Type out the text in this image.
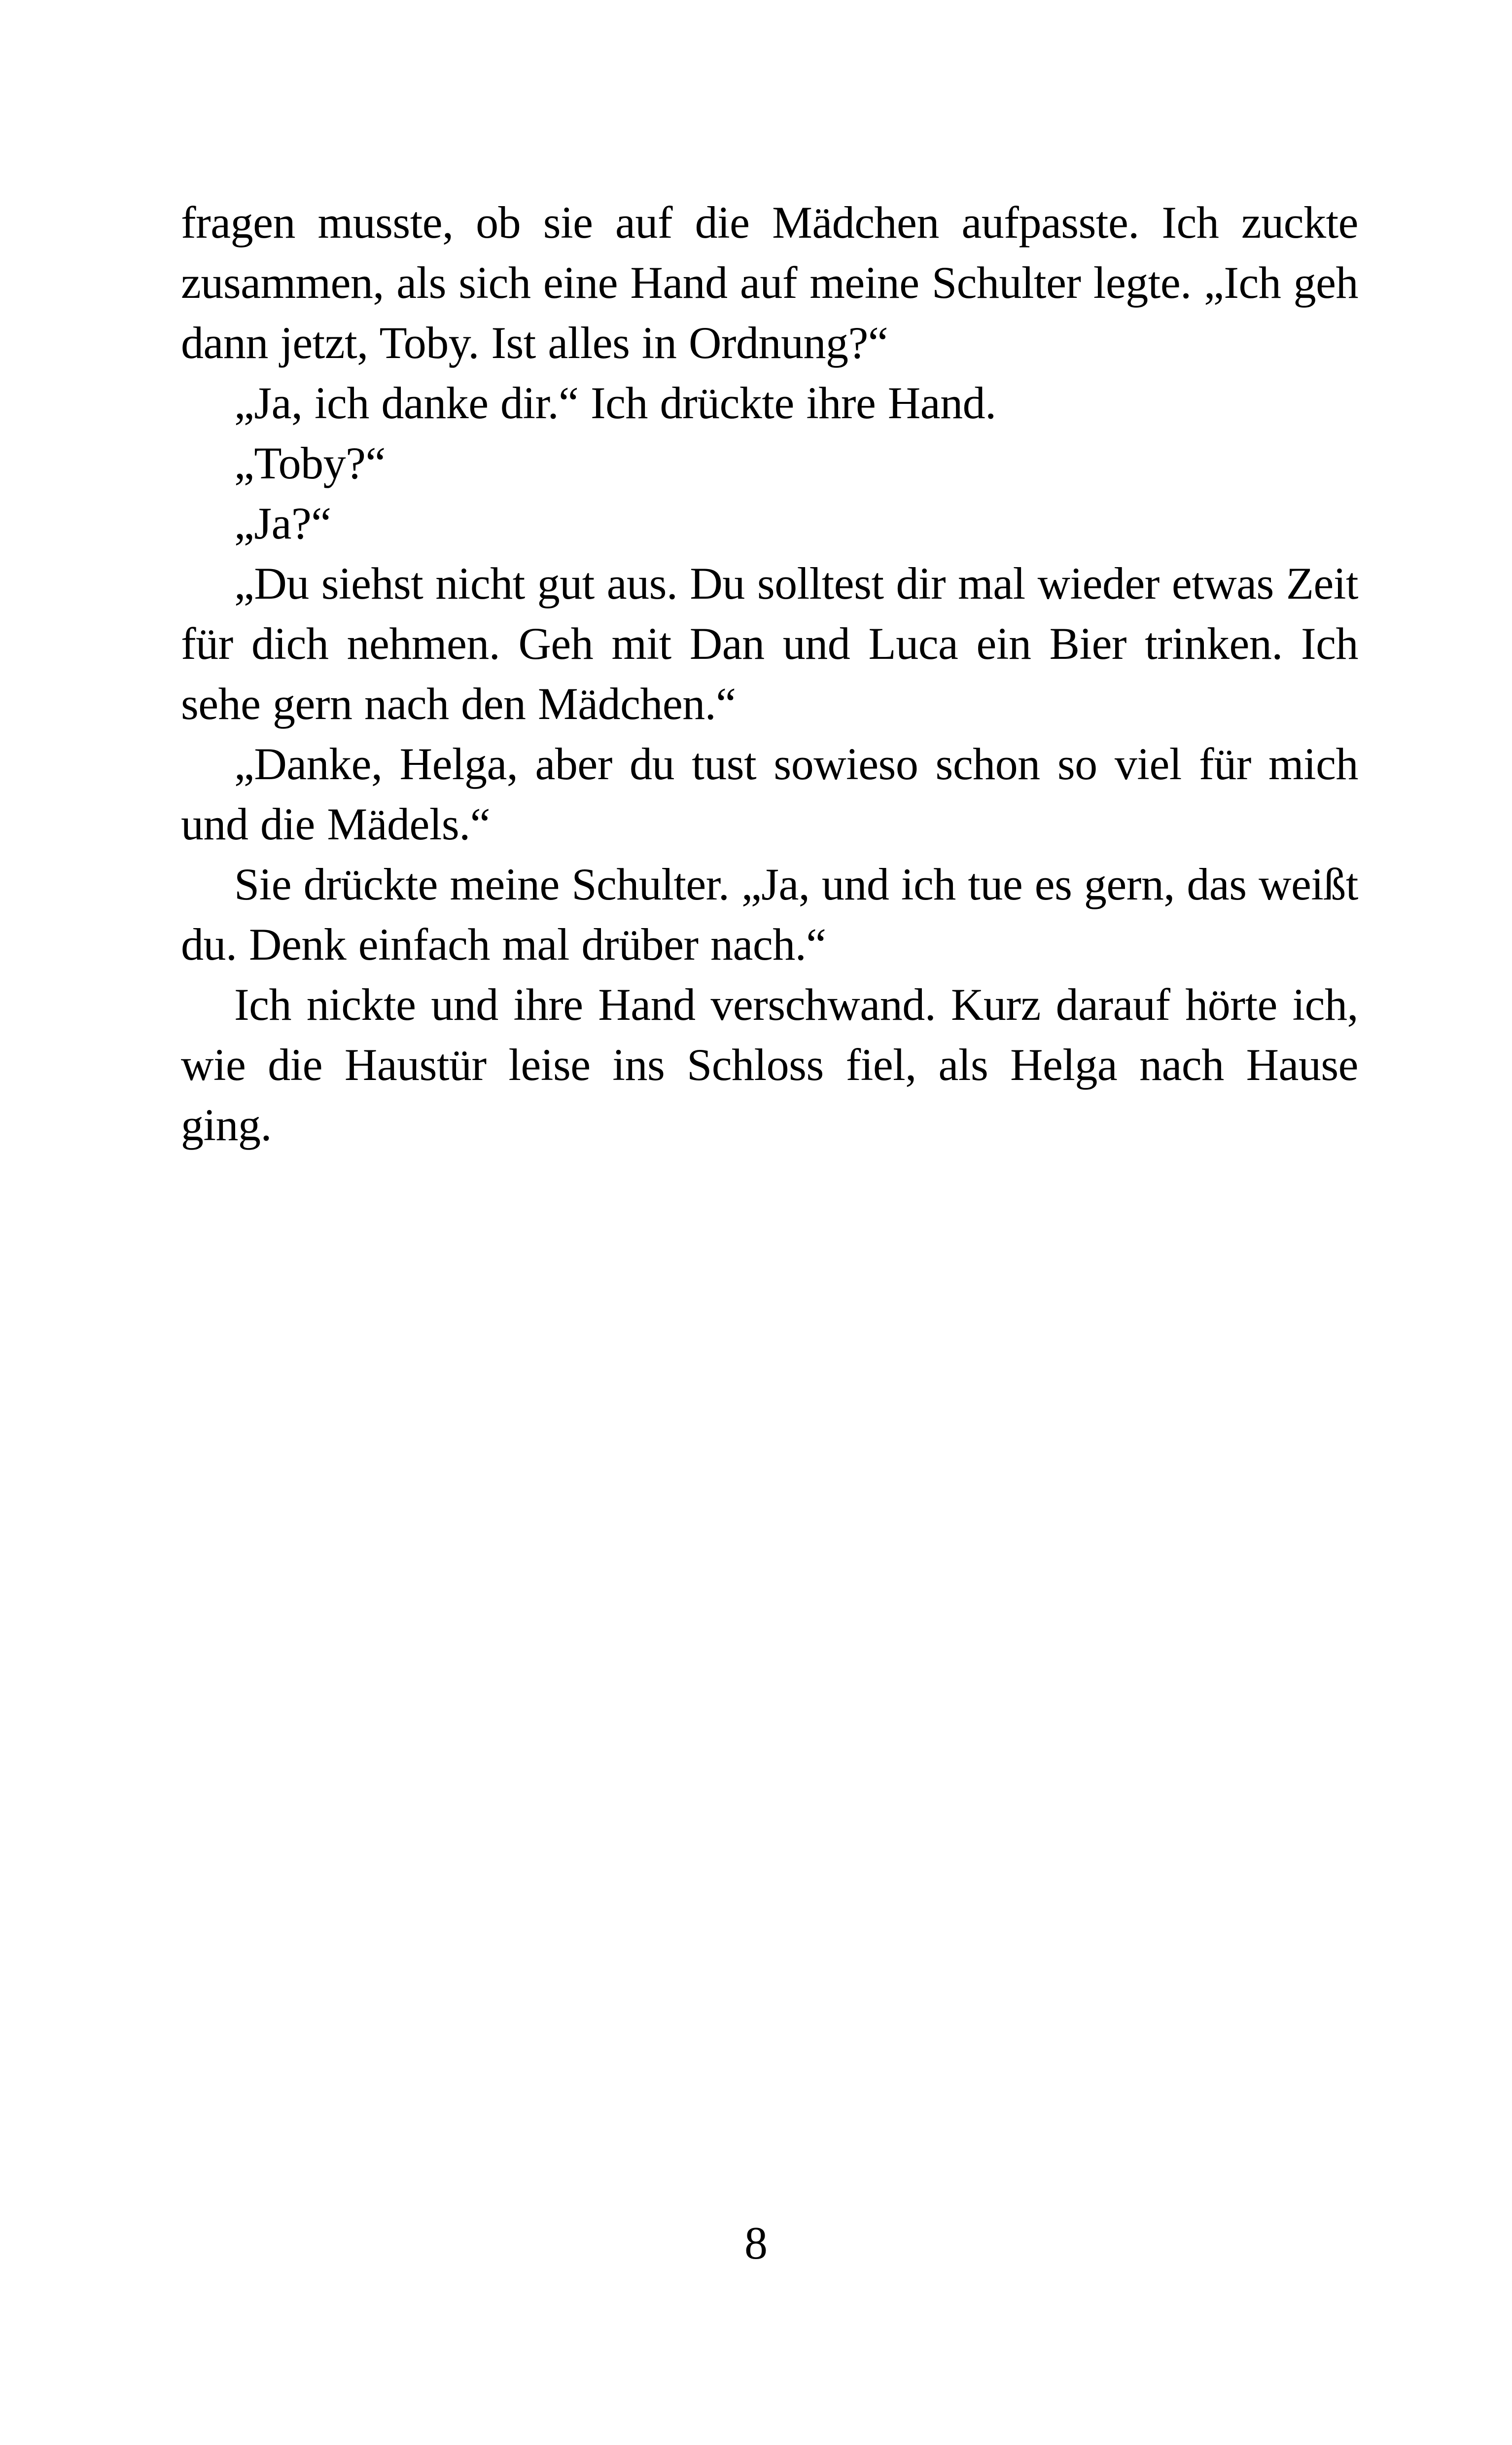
fragen musste, ob sie auf die Mädchen aufpasste. Ich zuckte zusammen, als sich eine Hand auf meine Schulter legte. „Ich geh dann jetzt, Toby. Ist alles in Ordnung?“

„Ja, ich danke dir.“ Ich drückte ihre Hand.

„Toby?“

„Ja?“

„Du siehst nicht gut aus. Du solltest dir mal wieder etwas Zeit für dich nehmen. Geh mit Dan und Luca ein Bier trinken. Ich sehe gern nach den Mädchen.“

„Danke, Helga, aber du tust sowieso schon so viel für mich und die Mädels.“

Sie drückte meine Schulter. „Ja, und ich tue es gern, das weißt du. Denk einfach mal drüber nach.“

Ich nickte und ihre Hand verschwand. Kurz darauf hörte ich, wie die Haustür leise ins Schloss fiel, als Helga nach Hause ging.

8
